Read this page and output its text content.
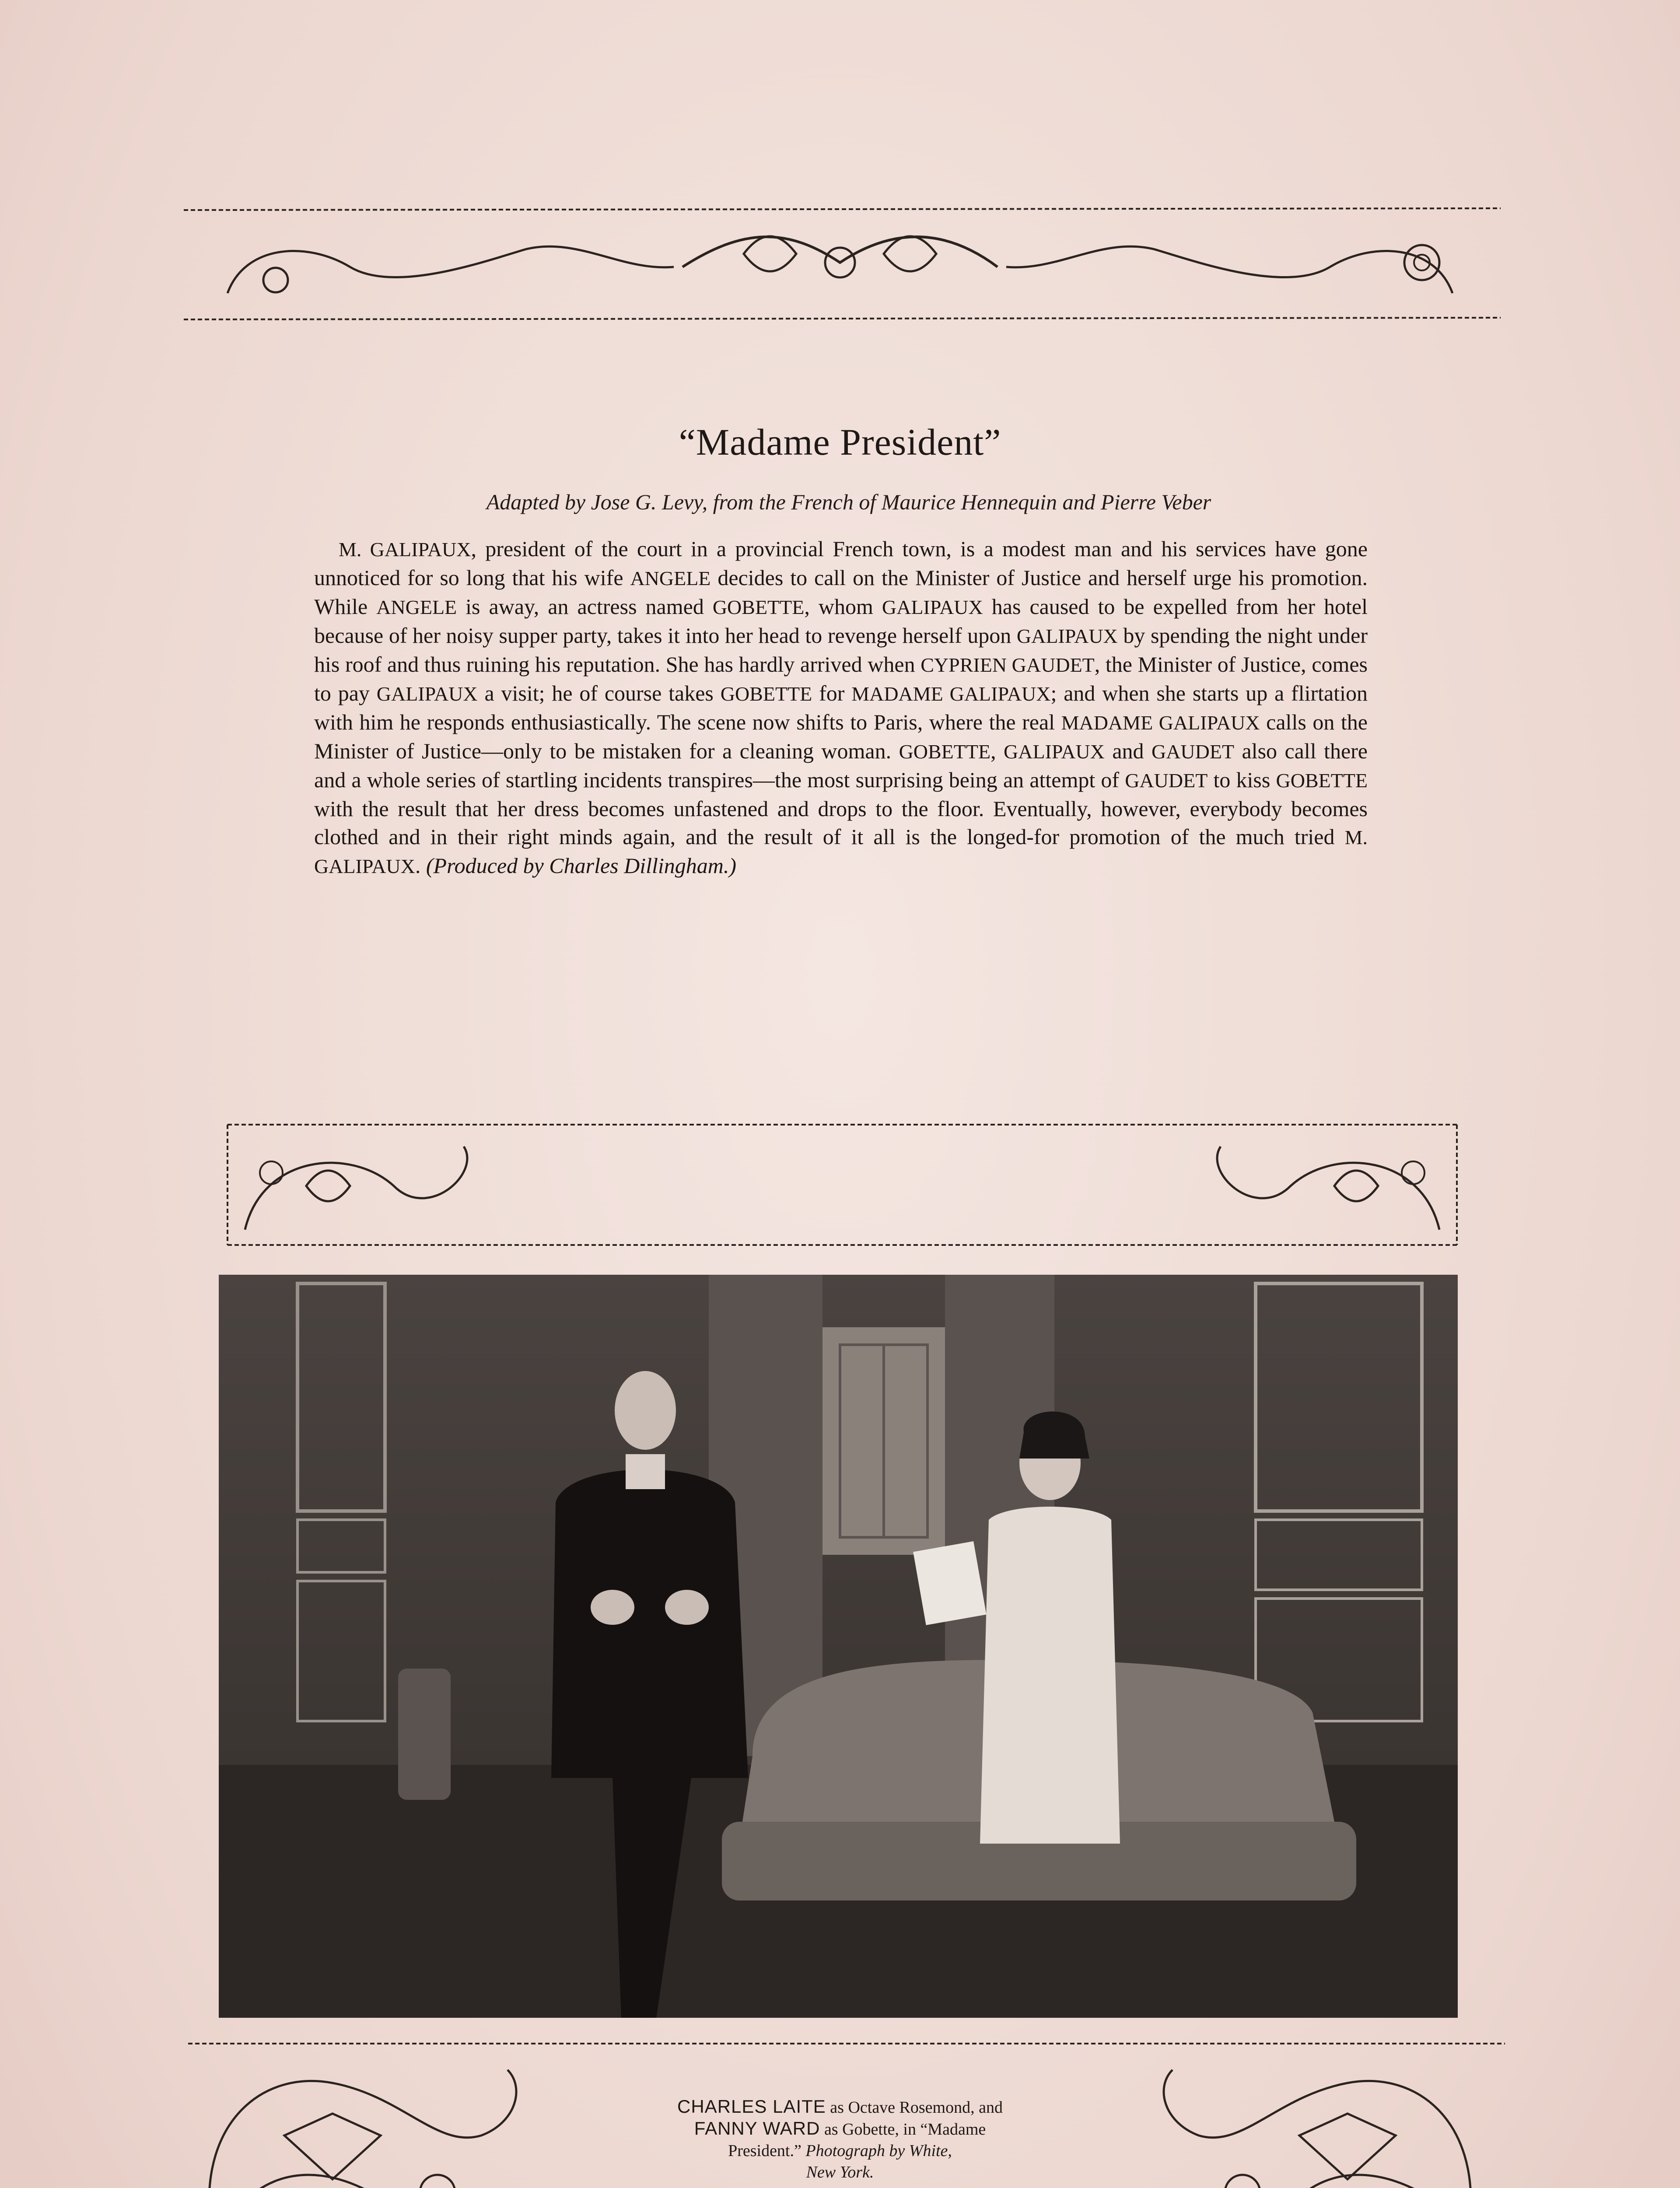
“Madame President”
Adapted by Jose G. Levy, from the French of Maurice Hennequin and Pierre Veber
M. GALIPAUX, president of the court in a provincial French town, is a modest man and his services have gone unnoticed for so long that his wife ANGELE decides to call on the Minister of Justice and herself urge his promotion. While ANGELE is away, an actress named GOBETTE, whom GALIPAUX has caused to be expelled from her hotel because of her noisy supper party, takes it into her head to revenge herself upon GALIPAUX by spending the night under his roof and thus ruining his reputation. She has hardly arrived when CYPRIEN GAUDET, the Minister of Justice, comes to pay GALIPAUX a visit; he of course takes GOBETTE for MADAME GALIPAUX; and when she starts up a flirtation with him he responds enthusiastically. The scene now shifts to Paris, where the real MADAME GALIPAUX calls on the Minister of Justice—only to be mistaken for a cleaning woman. GOBETTE, GALIPAUX and GAUDET also call there and a whole series of startling incidents transpires—the most surprising being an attempt of GAUDET to kiss GOBETTE with the result that her dress becomes unfastened and drops to the floor. Eventually, however, everybody becomes clothed and in their right minds again, and the result of it all is the longed-for promotion of the much tried M. GALIPAUX. (Produced by Charles Dillingham.)
CHARLES LAITE as Octave Rosemond, and
FANNY WARD as Gobette, in “Madame
President.” Photograph by White,
New York.
